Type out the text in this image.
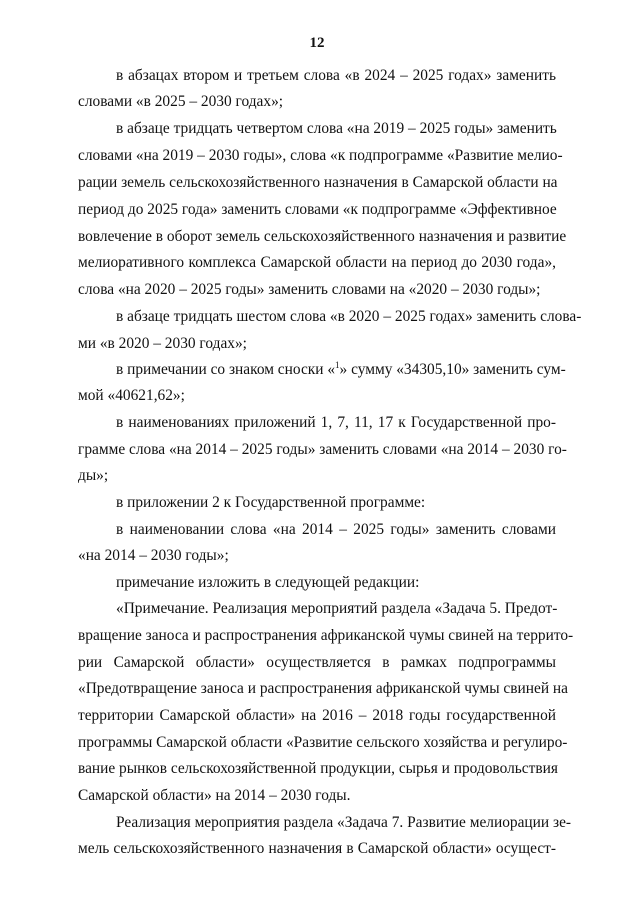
12
в абзацах втором и третьем слова «в 2024 – 2025 годах» заменить
словами «в 2025 – 2030 годах»;
в абзаце тридцать четвертом слова «на 2019 – 2025 годы» заменить
словами «на 2019 – 2030 годы», слова «к подпрограмме «Развитие мелио-
рации земель сельскохозяйственного назначения в Самарской области на
период до 2025 года» заменить словами «к подпрограмме «Эффективное
вовлечение в оборот земель сельскохозяйственного назначения и развитие
мелиоративного комплекса Самарской области на период до 2030 года»,
слова «на 2020 – 2025 годы» заменить словами на «2020 – 2030 годы»;
в абзаце тридцать шестом слова «в 2020 – 2025 годах» заменить слова-
ми «в 2020 – 2030 годах»;
в примечании со знаком сноски «$^1$» сумму «34305,10» заменить сум-
мой «40621,62»;
в наименованиях приложений 1, 7, 11, 17 к Государственной про-
грамме слова «на 2014 – 2025 годы» заменить словами «на 2014 – 2030 го-
ды»;
в приложении 2 к Государственной программе:
в наименовании слова «на 2014 – 2025 годы» заменить словами
«на 2014 – 2030 годы»;
примечание изложить в следующей редакции:
«Примечание. Реализация мероприятий раздела «Задача 5. Предот-
вращение заноса и распространения африканской чумы свиней на террито-
рии Самарской области» осуществляется в рамках подпрограммы
«Предотвращение заноса и распространения африканской чумы свиней на
территории Самарской области» на 2016 – 2018 годы государственной
программы Самарской области «Развитие сельского хозяйства и регулиро-
вание рынков сельскохозяйственной продукции, сырья и продовольствия
Самарской области» на 2014 – 2030 годы.
Реализация мероприятия раздела «Задача 7. Развитие мелиорации зе-
мель сельскохозяйственного назначения в Самарской области» осущест-
